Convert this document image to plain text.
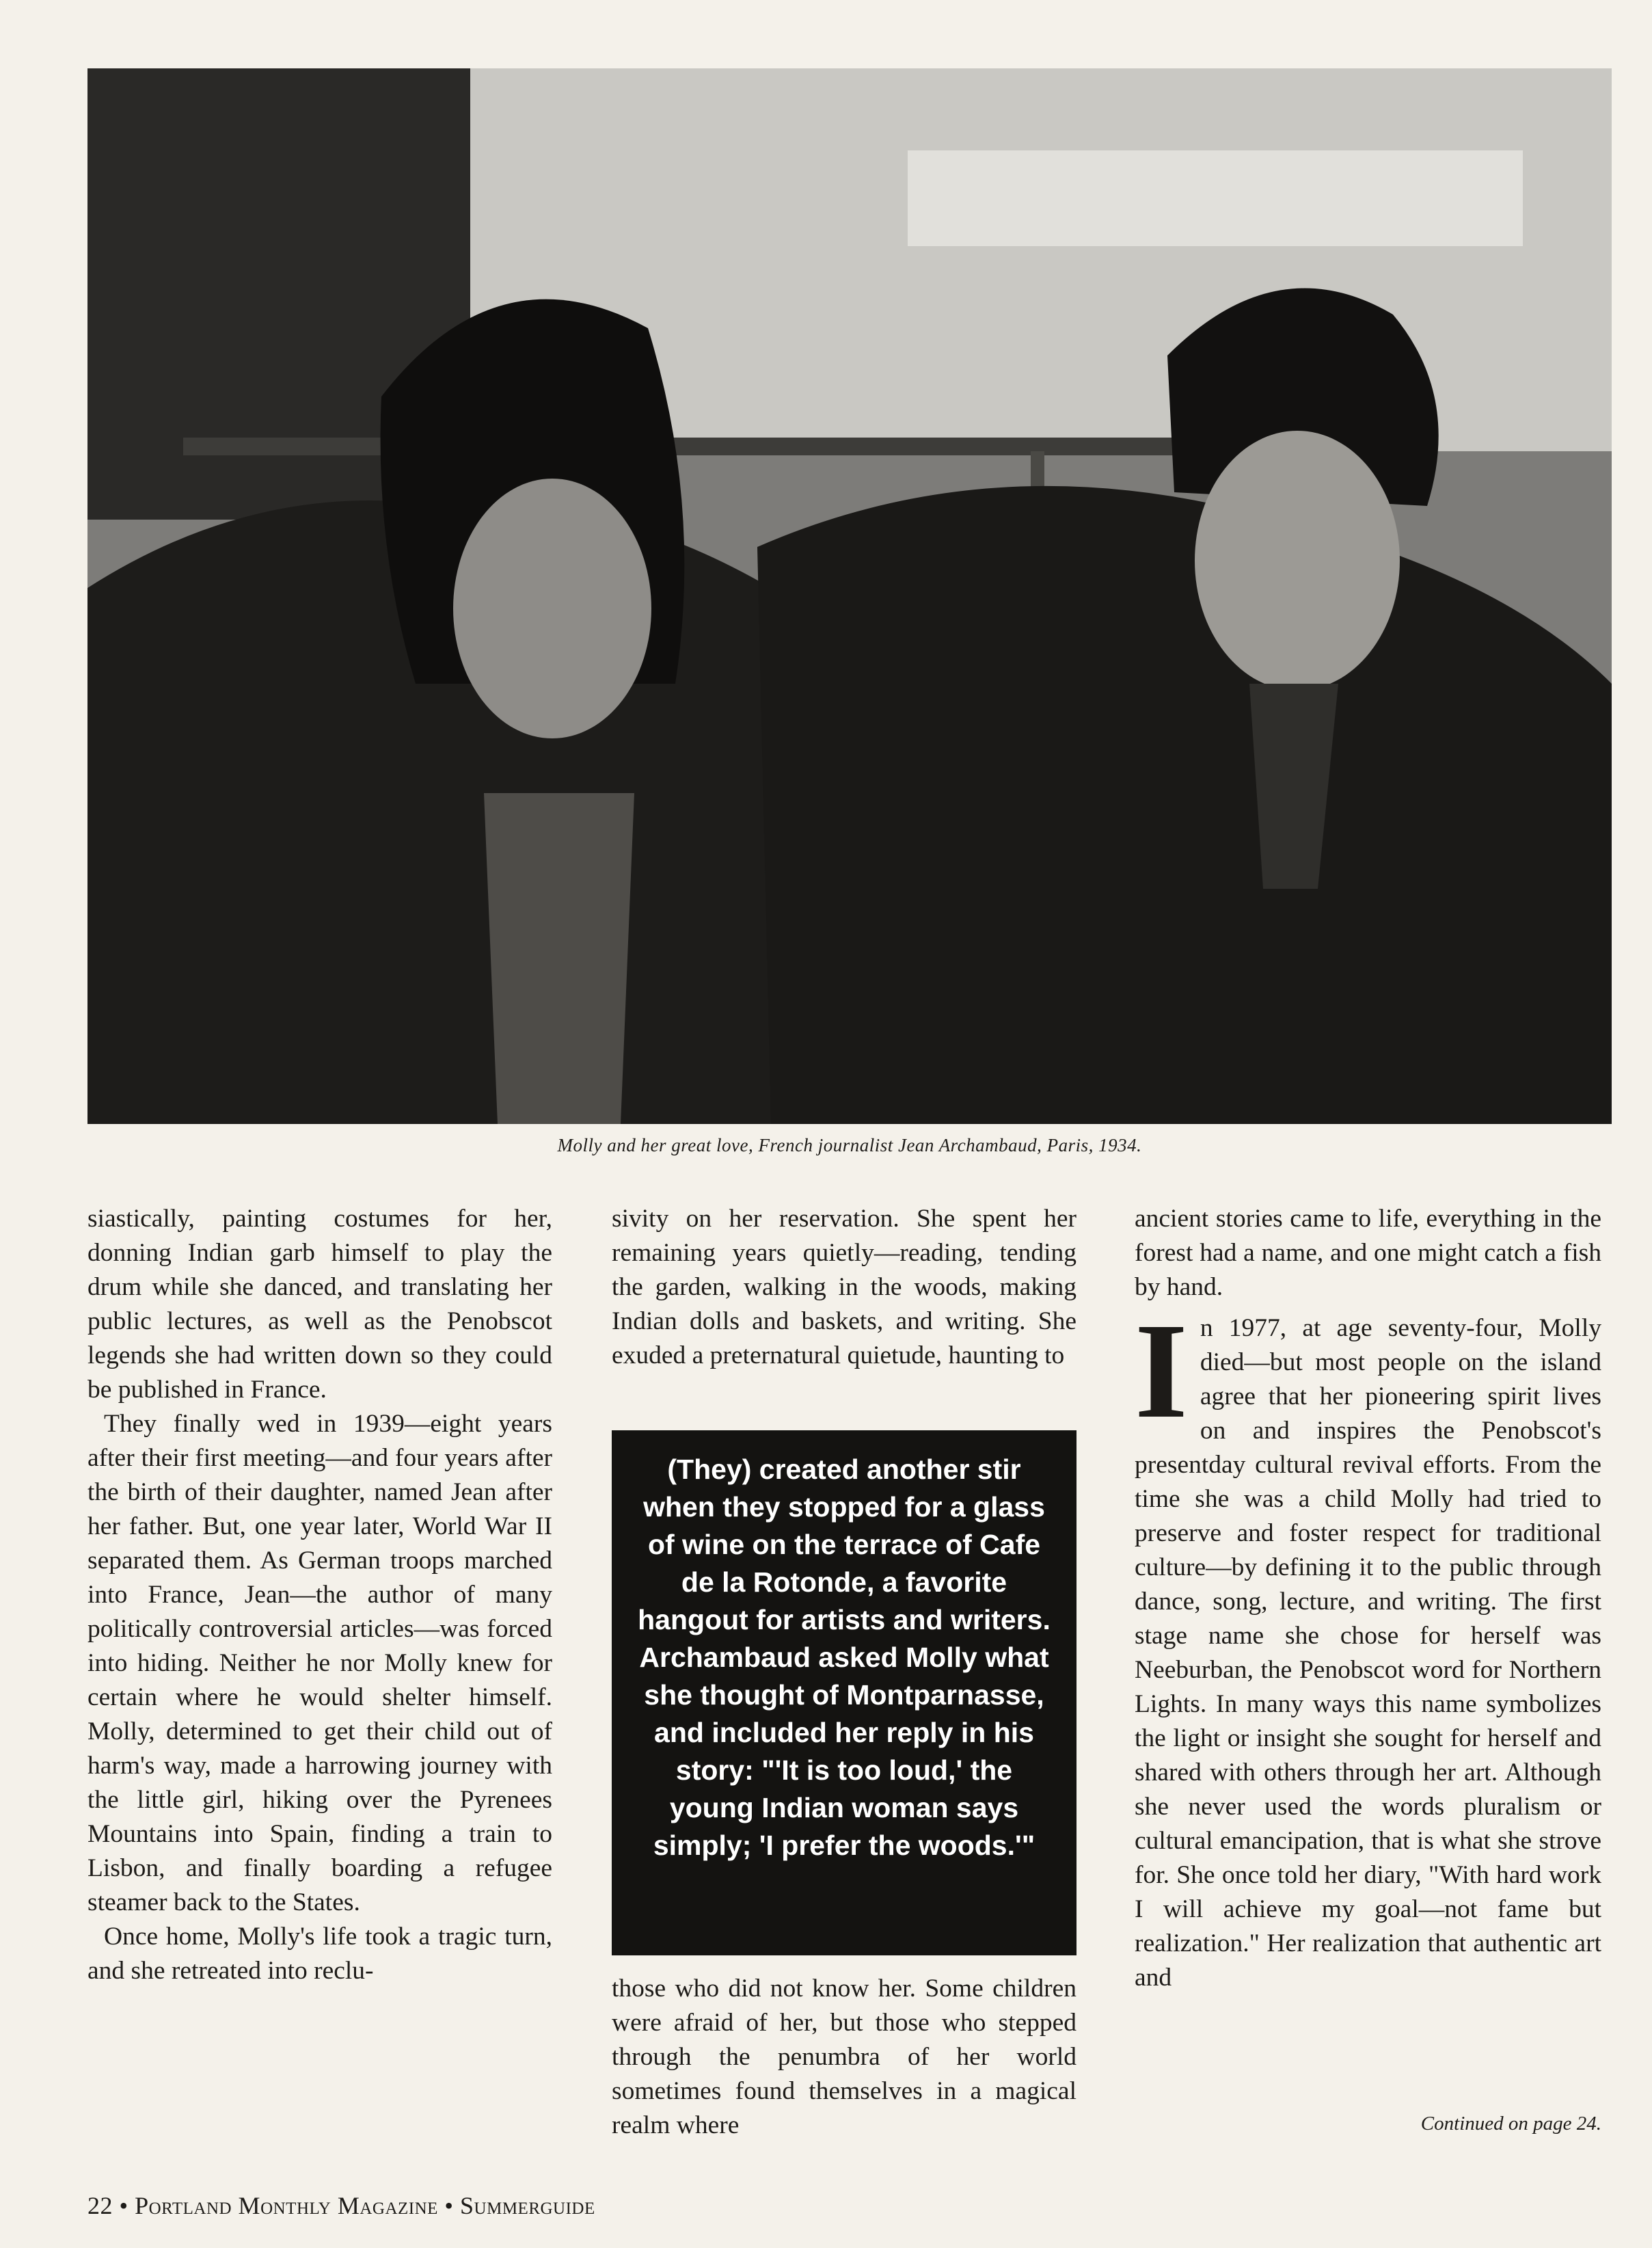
Molly and her great love, French journalist Jean Archambaud, Paris, 1934.

siastically, painting costumes for her, donning Indian garb himself to play the drum while she danced, and translating her public lectures, as well as the Penobscot legends she had written down so they could be published in France.

They finally wed in 1939—eight years after their first meeting—and four years after the birth of their daughter, named Jean after her father. But, one year later, World War II separated them. As German troops marched into France, Jean—the author of many politically controversial articles—was forced into hiding. Neither he nor Molly knew for certain where he would shelter himself. Molly, determined to get their child out of harm's way, made a harrowing journey with the little girl, hiking over the Pyrenees Mountains into Spain, finding a train to Lisbon, and finally boarding a refugee steamer back to the States.

Once home, Molly's life took a tragic turn, and she retreated into reclu-

sivity on her reservation. She spent her remaining years quietly—reading, tending the garden, walking in the woods, making Indian dolls and baskets, and writing. She exuded a preternatural quietude, haunting to

(They) created another stir when they stopped for a glass of wine on the terrace of Cafe de la Rotonde, a favorite hangout for artists and writers. Archambaud asked Molly what she thought of Montparnasse, and included her reply in his story: "'It is too loud,' the young Indian woman says simply; 'I prefer the woods.'"

those who did not know her. Some children were afraid of her, but those who stepped through the penumbra of her world sometimes found themselves in a magical realm where

ancient stories came to life, everything in the forest had a name, and one might catch a fish by hand.

In 1977, at age seventy-four, Molly died—but most people on the island agree that her pioneering spirit lives on and inspires the Penobscot's presentday cultural revival efforts. From the time she was a child Molly had tried to preserve and foster respect for traditional culture—by defining it to the public through dance, song, lecture, and writing. The first stage name she chose for herself was Neeburban, the Penobscot word for Northern Lights. In many ways this name symbolizes the light or insight she sought for herself and shared with others through her art. Although she never used the words pluralism or cultural emancipation, that is what she strove for. She once told her diary, "With hard work I will achieve my goal—not fame but realization." Her realization that authentic art and

Continued on page 24.
22 • Portland Monthly Magazine • Summerguide
